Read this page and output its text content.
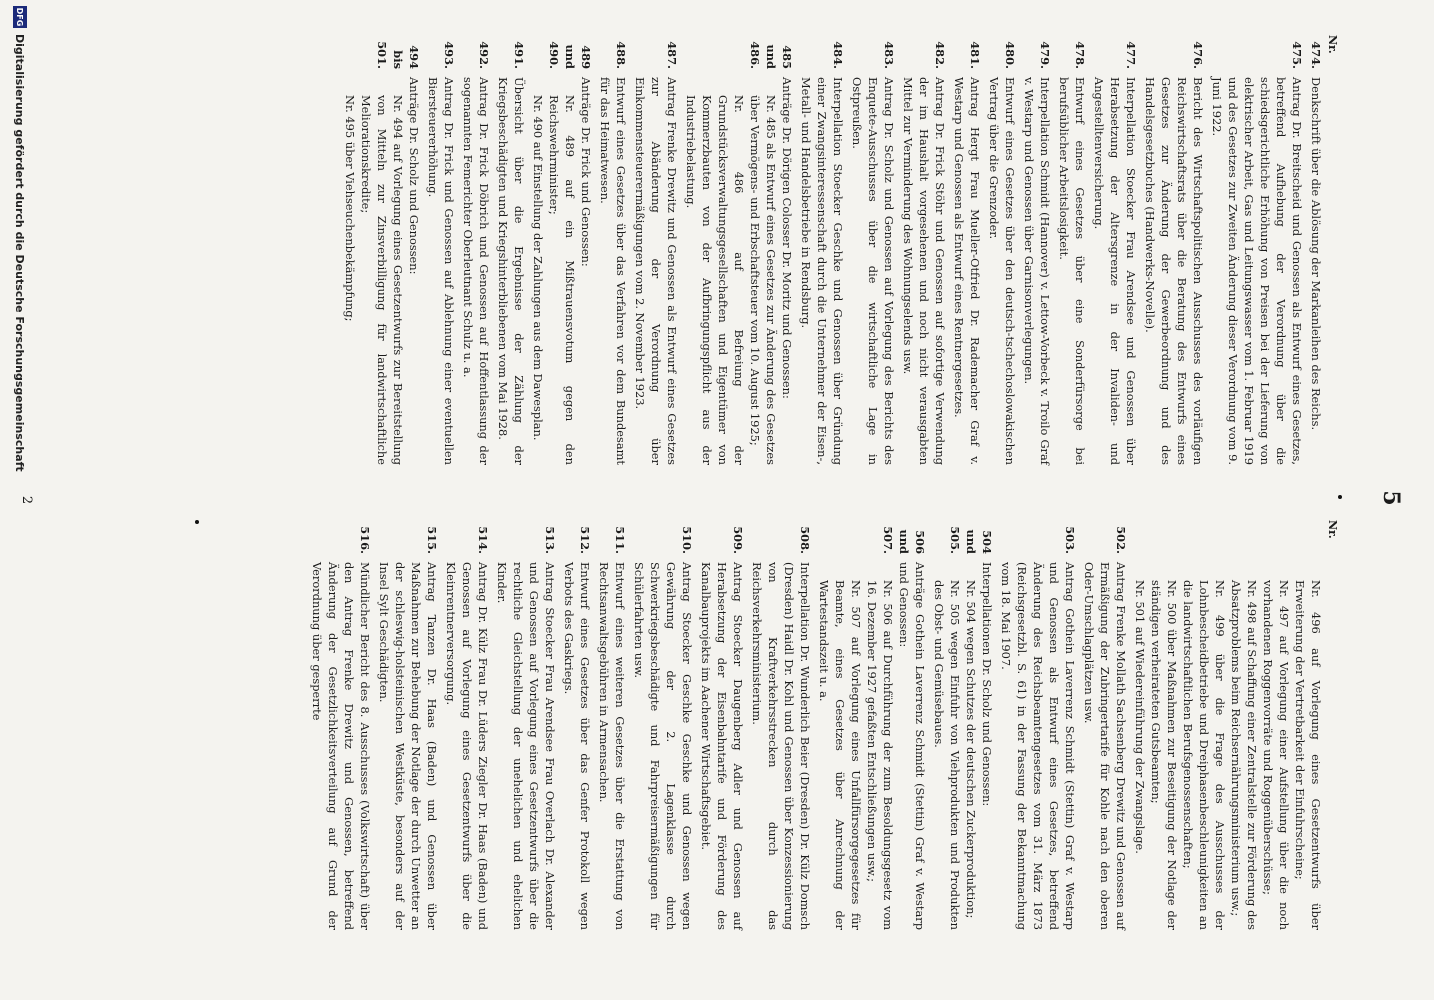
5
Nr.
474.
Denkschrift über die Ablösung der Markanleihen des Reichs.
475.
Antrag Dr. Breitscheid und Genossen als Entwurf eines Gesetzes, betreffend Aufhebung der Verordnung über die schiedsgerichtliche Erhöhung von Preisen bei der Lieferung von elektrischer Arbeit, Gas und Leitungswasser vom 1. Februar 1919 und des Gesetzes zur Zweiten Änderung dieser Verordnung vom 9. Juni 1922.
476.
Bericht des Wirtschaftspolitischen Ausschusses des vorläufigen Reichswirtschaftsrats über die Beratung des Entwurfs eines Gesetzes zur Änderung der Gewerbeordnung und des Handelsgesetzbuches (Handwerks-Novelle).
477.
Interpellation Stoecker Frau Arendsee und Genossen über Herabsetzung der Altersgrenze in der Invaliden- und Angestelltenversicherung.
478.
Entwurf eines Gesetzes über eine Sonderfürsorge bei berufsüblicher Arbeitslosigkeit.
479.
Interpellation Schmidt (Hannover) v. Lettow-Vorbeck v. Troilo Graf v. Westarp und Genossen über Garnisonverlegungen.
480.
Entwurf eines Gesetzes über den deutsch-tschechoslowakischen Vertrag über die Grenzoder.
481.
Antrag Hergt Frau Mueller-Otfried Dr. Rademacher Graf v. Westarp und Genossen als Entwurf eines Rentnergesetzes.
482.
Antrag Dr. Frick Stöhr und Genossen auf sofortige Verwendung der im Haushalt vorgesehenen und noch nicht verausgabten Mittel zur Verminderung des Wohnungselends usw.
483.
Antrag Dr. Scholz und Genossen auf Vorlegung des Berichts des Enquete-Ausschusses über die wirtschaftliche Lage in Ostpreußen.
484.
Interpellation Stoecker Geschke und Genossen über Gründung einer Zwangsinteressenschaft durch die Unternehmer der Eisen-, Metall- und Handelsbetriebe in Rendsburg.
485 und 486.
Anträge Dr. Dörigen Colosser Dr. Moritz und Genossen:
Nr. 485 als Entwurf eines Gesetzes zur Änderung des Gesetzes über Vermögens- und Erbschaftsteuer vom 10. August 1925;
Nr. 486 auf Befreiung der Grundstücksverwaltungsgesellschaften und Eigentümer von Kommerzbauten von der Aufbringungspflicht aus der Industriebelastung.
487.
Antrag Frenke Drewitz und Genossen als Entwurf eines Gesetzes zur Abänderung der Verordnung über Einkommensteuerermäßigungen vom 2. November 1923.
488.
Entwurf eines Gesetzes über das Verfahren vor dem Bundesamt für das Heimatwesen.
489 und 490.
Anträge Dr. Frick und Genossen:
Nr. 489 auf ein Mißtrauensvotum gegen den Reichswehrminister;
Nr. 490 auf Einstellung der Zahlungen aus dem Dawesplan.
491.
Übersicht über die Ergebnisse der Zählung der Kriegsbeschädigten und Kriegshinterbliebenen vom Mai 1928.
492.
Antrag Dr. Frick Döbrich und Genossen auf Hoffentlassung der sogenannten Femerichter Oberleutnant Schulz u. a.
493.
Antrag Dr. Frick und Genossen auf Ablehnung einer eventuellen Biersteuererhöhung.
494 bis 501.
Anträge Dr. Scholz und Genossen:
Nr. 494 auf Vorlegung eines Gesetzentwurfs zur Bereitstellung von Mitteln zur Zinsverbilligung für landwirtschaftliche Meliorationskredite;
Nr. 495 über Viehseuchenbekämpfung;
Nr.
Nr. 496 auf Vorlegung eines Gesetzentwurfs über Erweiterung der Vertretbarkeit der Einfuhrscheine;
Nr. 497 auf Vorlegung einer Aufstellung über die noch vorhandenen Roggenvorräte und Roggenüberschüsse;
Nr. 498 auf Schaffung einer Zentralstelle zur Förderung des Absatzproblems beim Reichsernährungsministerium usw.;
Nr. 499 über die Frage des Ausschusses der Lohnbescheidbetriebe und Dreiphasenbeschleunigkeiten an die landwirtschaftlichen Berufsgenossenschaften;
Nr. 500 über Maßnahmen zur Beseitigung der Notlage der ständigen verheirateten Gutsbeamten;
Nr. 501 auf Wiedereinführung der Zwangslage.
502.
Antrag Frenke Mollath Sachsenberg Drewitz und Genossen auf Ermäßigung der Zubringertarife für Kohle nach den oberen Oder-Umschlagplätzen usw.
503.
Antrag Gothein Laverrenz Schmidt (Stettin) Graf v. Westarp und Genossen als Entwurf eines Gesetzes, betreffend Änderung des Reichsbeamtengesetzes vom 31. März 1873 (Reichsgesetzbl. S. 61) in der Fassung der Bekanntmachung vom 18. Mai 1907.
504 und 505.
Interpellationen Dr. Scholz und Genossen:
Nr. 504 wegen Schutzes der deutschen Zuckerproduktion;
Nr. 505 wegen Einfuhr von Viehprodukten und Produkten des Obst- und Gemüsebaues.
506 und 507.
Anträge Gothein Laverrenz Schmidt (Stettin) Graf v. Westarp und Genossen:
Nr. 506 auf Durchführung der zum Besoldungsgesetz vom 16. Dezember 1927 gefaßten Entschließungen usw.;
Nr. 507 auf Vorlegung eines Unfallfürsorgegesetzes für Beamte, eines Gesetzes über Anrechnung der Wartestandszeit u. a.
508.
Interpellation Dr. Wunderlich Beier (Dresden) Dr. Külz Domsch (Dresden) Haidl Dr. Kohl und Genossen über Konzessionierung von Kraftverkehrsstrecken durch das Reichsverkehrsministerium.
509.
Antrag Stoecker Daugenberg Adler und Genossen auf Herabsetzung der Eisenbahntarife und Förderung des Kanalbauprojekts im Aachener Wirtschaftsgebiet.
510.
Antrag Stoecker Geschke Geschke und Genossen wegen Gewährung der 2. Lagenklasse durch Schwerkriegsbeschädigte und Fahrpreisermäßigungen für Schülerfahrten usw.
511.
Entwurf eines weiteren Gesetzes über die Erstattung von Rechtsanwaltsgebühren in Armensachen.
512.
Entwurf eines Gesetzes über das Genfer Protokoll wegen Verbots des Gaskriegs.
513.
Antrag Stoecker Frau Arendsee Frau Overlach Dr. Alexander und Genossen auf Vorlegung eines Gesetzentwurfs über die rechtliche Gleichstellung der unehelichen und ehelichen Kinder.
514.
Antrag Dr. Külz Frau Dr. Lüders Ziegler Dr. Haas (Baden) und Genossen auf Vorlegung eines Gesetzentwurfs über die Kleinrentnerversorgung.
515.
Antrag Tanzen Dr. Haas (Baden) und Genossen über Maßnahmen zur Behebung der Notlage der durch Unwetter an der schleswig-holsteinischen Westküste, besonders auf der Insel Sylt Geschädigten.
516.
Mündlicher Bericht des 8. Ausschusses (Volkswirtschaft) über den Antrag Frenke Drewitz und Genossen, betreffend Änderung der Gesetzlichkeitsverteilung auf Grund der Verordnung über gesperrte
2
DFG
Digitalisierung gefördert durch die Deutsche Forschungsgemeinschaft
